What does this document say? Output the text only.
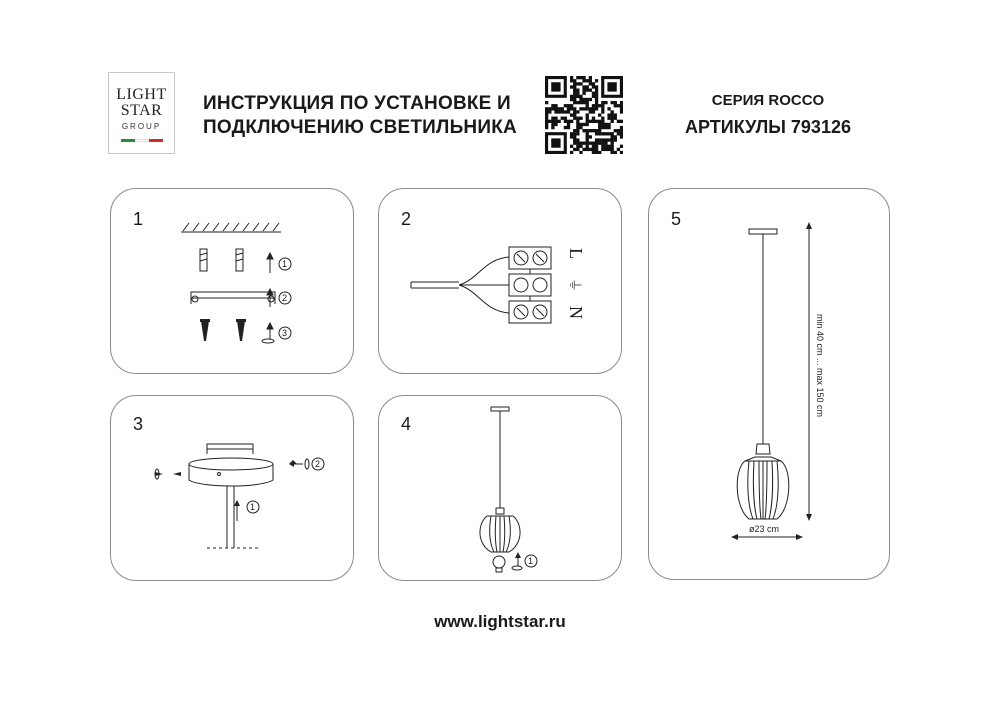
LIGHT
STAR
GROUP
ИНСТРУКЦИЯ ПО УСТАНОВКЕ И
ПОДКЛЮЧЕНИЮ СВЕТИЛЬНИКА
СЕРИЯ ROCCO
АРТИКУЛЫ 793126
1
1
2
3
2
L
⏚
N
5
min 40 cm ... max 150 cm
ø23 cm
3
2
1
4
1
www.lightstar.ru
